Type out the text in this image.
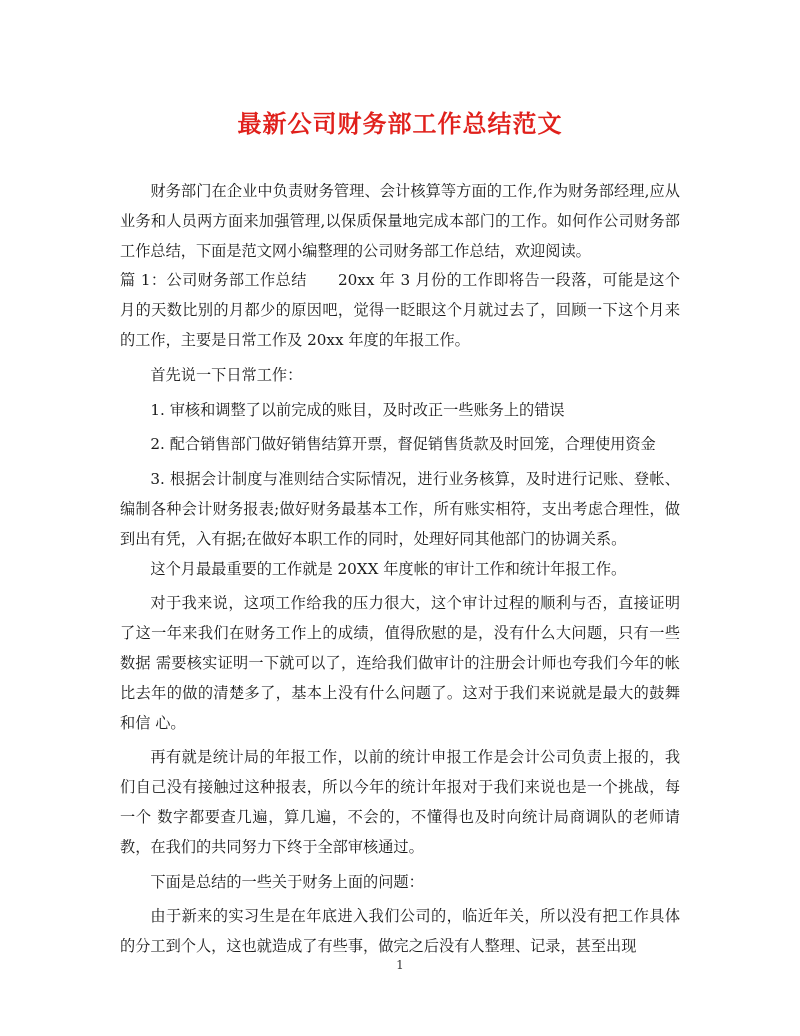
最新公司财务部工作总结范文

财务部门在企业中负责财务管理、会计核算等方面的工作,作为财务部经理,应从业务和人员两方面来加强管理,以保质保量地完成本部门的工作。如何作公司财务部工作总结，下面是范文网小编整理的公司财务部工作总结，欢迎阅读。

篇 1：公司财务部工作总结　　20xx 年 3 月份的工作即将告一段落，可能是这个月的天数比别的月都少的原因吧，觉得一眨眼这个月就过去了，回顾一下这个月来的工作，主要是日常工作及 20xx 年度的年报工作。

首先说一下日常工作：

1. 审核和调整了以前完成的账目，及时改正一些账务上的错误

2. 配合销售部门做好销售结算开票，督促销售货款及时回笼，合理使用资金

3. 根据会计制度与准则结合实际情况，进行业务核算，及时进行记账、登帐、编制各种会计财务报表;做好财务最基本工作，所有账实相符，支出考虑合理性，做到出有凭，入有据;在做好本职工作的同时，处理好同其他部门的协调关系。

这个月最最重要的工作就是 20XX 年度帐的审计工作和统计年报工作。

对于我来说，这项工作给我的压力很大，这个审计过程的顺利与否，直接证明了这一年来我们在财务工作上的成绩，值得欣慰的是，没有什么大问题，只有一些数据 需要核实证明一下就可以了，连给我们做审计的注册会计师也夸我们今年的帐比去年的做的清楚多了，基本上没有什么问题了。这对于我们来说就是最大的鼓舞和信 心。

再有就是统计局的年报工作，以前的统计申报工作是会计公司负责上报的，我们自己没有接触过这种报表，所以今年的统计年报对于我们来说也是一个挑战，每一个 数字都要查几遍，算几遍，不会的，不懂得也及时向统计局商调队的老师请教，在我们的共同努力下终于全部审核通过。

下面是总结的一些关于财务上面的问题：

由于新来的实习生是在年底进入我们公司的，临近年关，所以没有把工作具体的分工到个人，这也就造成了有些事，做完之后没有人整理、记录，甚至出现

1
